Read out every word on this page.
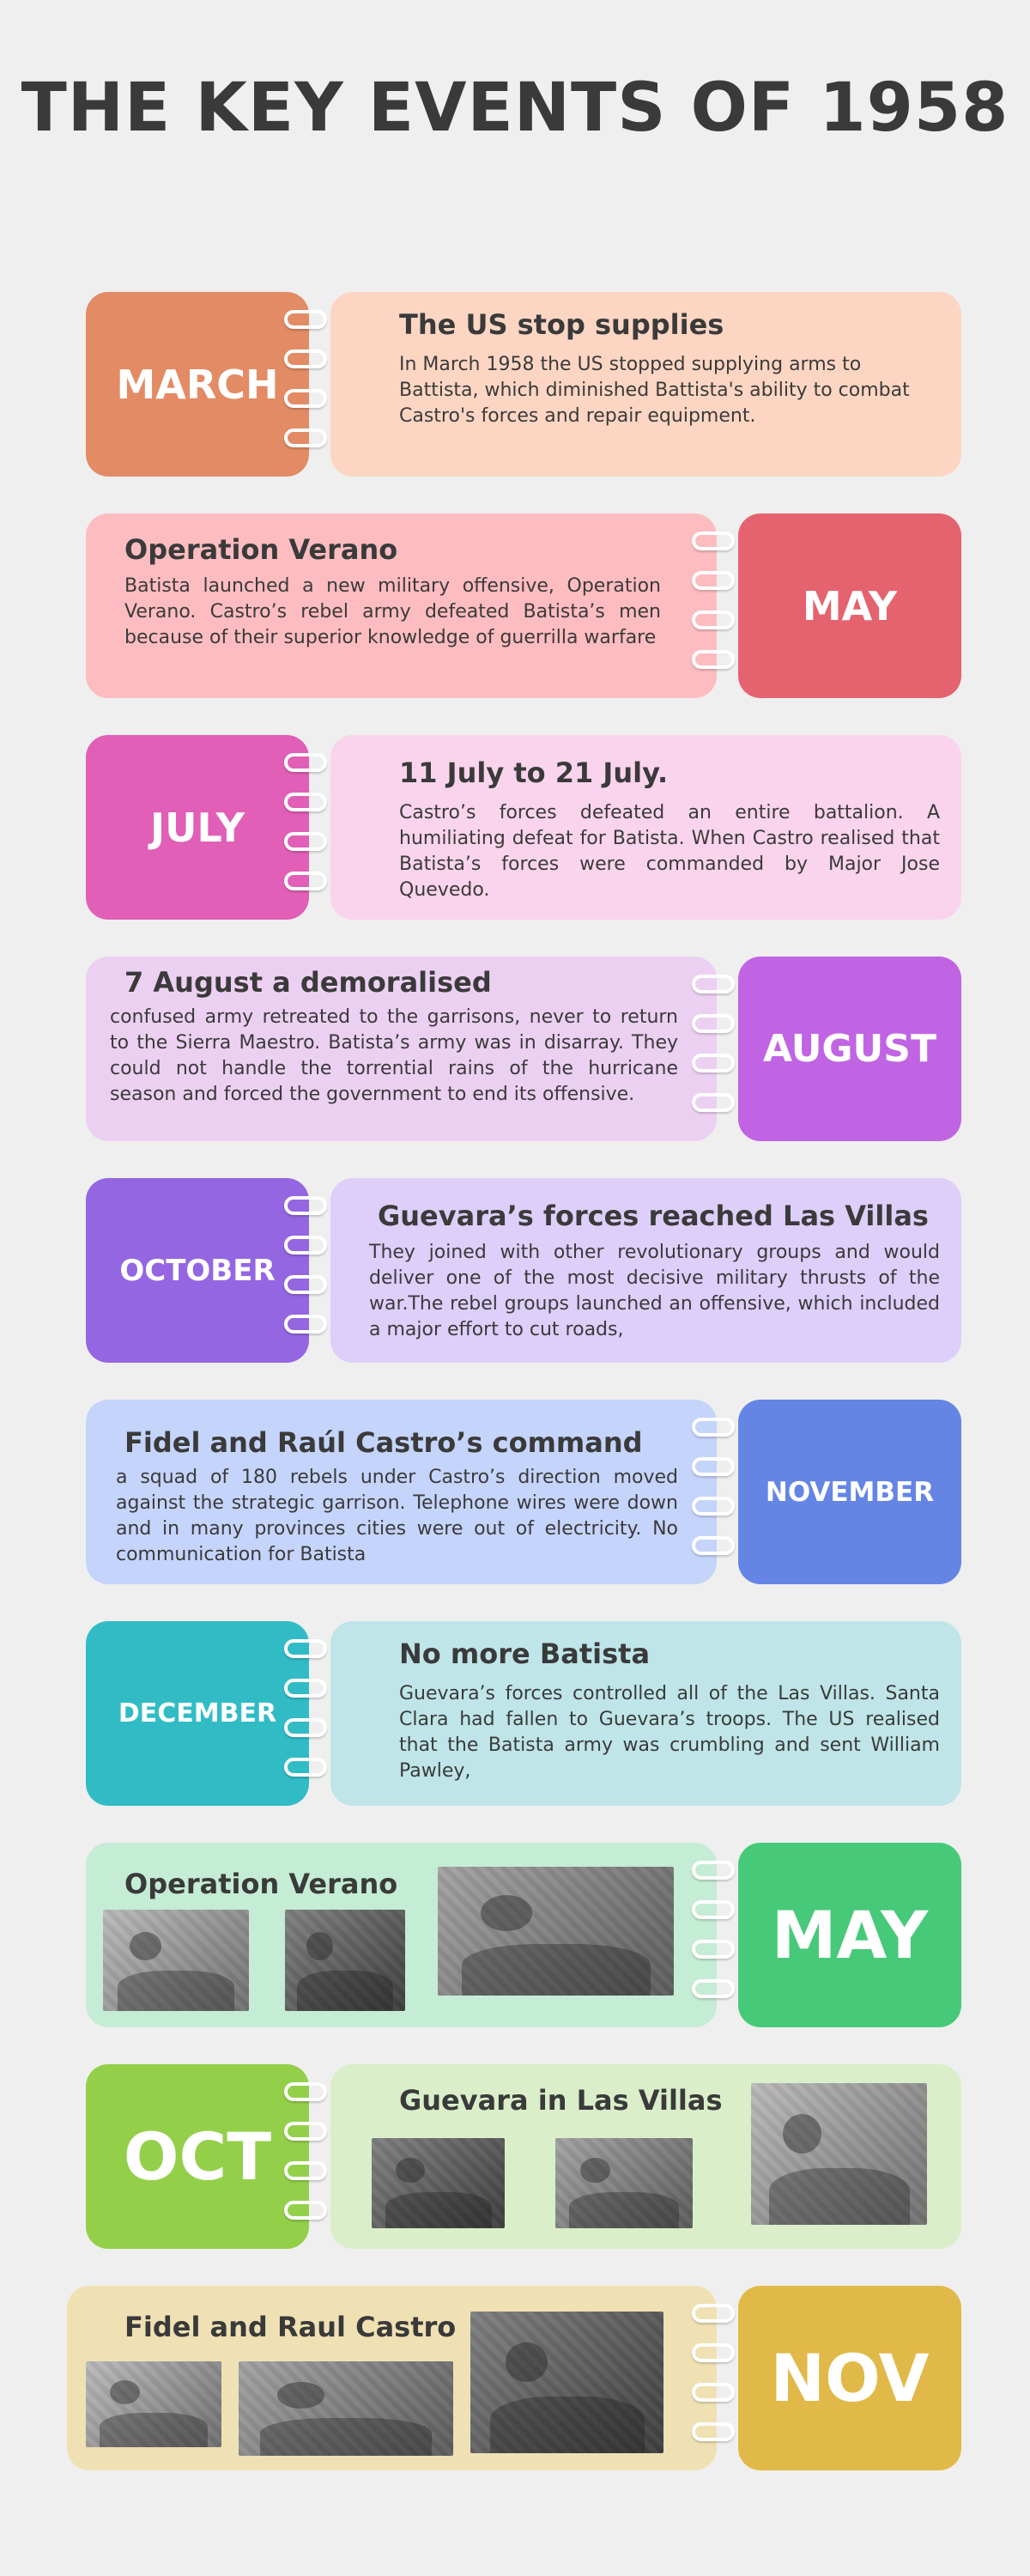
THE KEY EVENTS OF 1958
MARCH
The US stop supplies
In March 1958 the US stopped supplying arms to Battista, which diminished Battista's ability to combat Castro's forces and repair equipment.
Operation Verano
Batista launched a new military offensive, Operation Verano. Castro’s rebel army defeated Batista’s men because of their superior knowledge of guerrilla warfare
MAY
JULY
11 July to 21 July.
Castro’s forces defeated an entire battalion. A humiliating defeat for Batista. When Castro realised that Batista’s forces were commanded by Major Jose Quevedo.
7 August a demoralised
confused army retreated to the garrisons, never to return to the Sierra Maestro. Batista’s army was in disarray. They could not handle the torrential rains of the hurricane season and forced the government to end its offensive.
AUGUST
OCTOBER
Guevara’s forces reached Las Villas
They joined with other revolutionary groups and would deliver one of the most decisive military thrusts of the war.The rebel groups launched an offensive, which included a major effort to cut roads,
Fidel and Raúl Castro’s command
a squad of 180 rebels under Castro’s direction moved against the strategic garrison. Telephone wires were down and in many provinces cities were out of electricity. No communication for Batista
NOVEMBER
DECEMBER
No more Batista
Guevara’s forces controlled all of the Las Villas. Santa Clara had fallen to Guevara’s troops. The US realised that the Batista army was crumbling and sent William Pawley,
Operation Verano
MAY
OCT
Guevara in Las Villas
Fidel and Raul Castro
NOV
